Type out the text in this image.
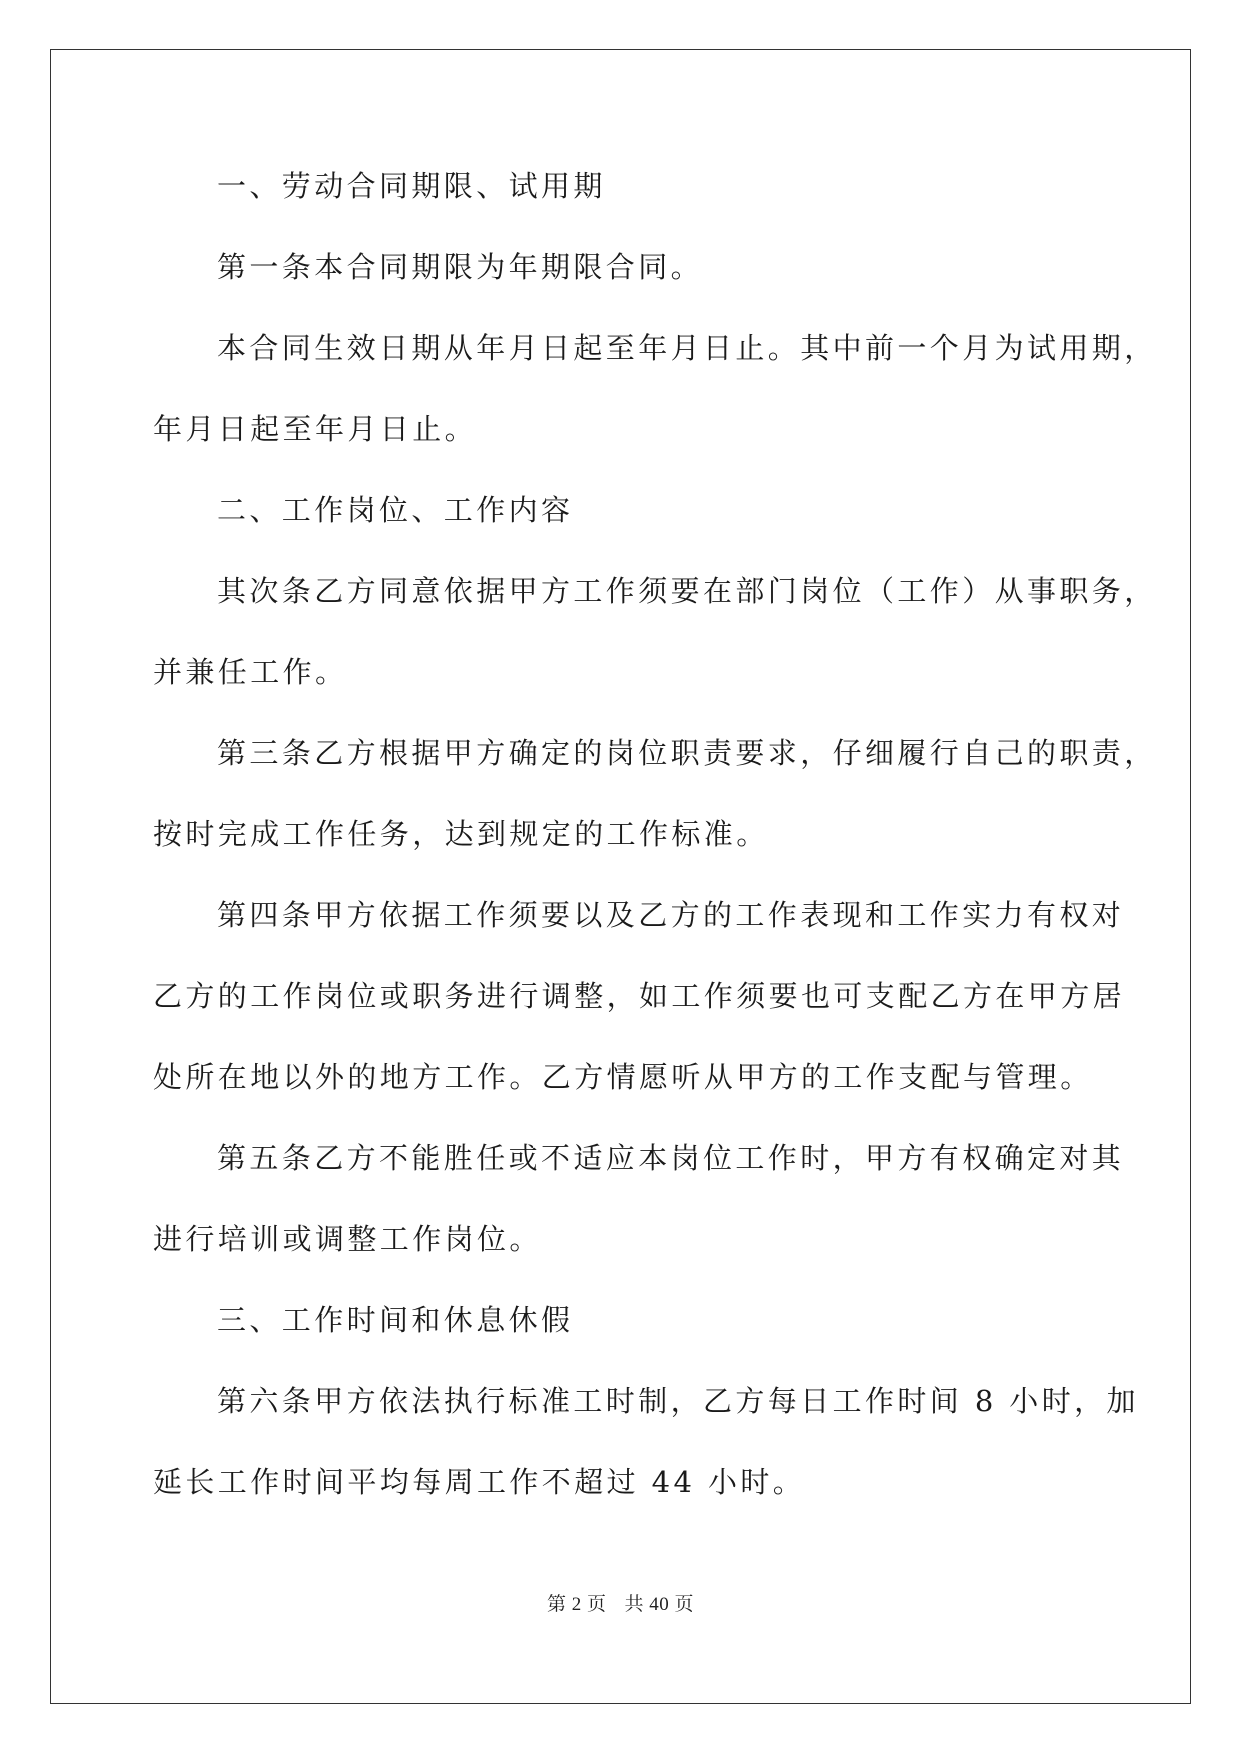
一、劳动合同期限、试用期
第一条本合同期限为年期限合同。
本合同生效日期从年月日起至年月日止。其中前一个月为试用期，
年月日起至年月日止。
二、工作岗位、工作内容
其次条乙方同意依据甲方工作须要在部门岗位（工作）从事职务，
并兼任工作。
第三条乙方根据甲方确定的岗位职责要求，仔细履行自己的职责，
按时完成工作任务，达到规定的工作标准。
第四条甲方依据工作须要以及乙方的工作表现和工作实力有权对
乙方的工作岗位或职务进行调整，如工作须要也可支配乙方在甲方居
处所在地以外的地方工作。乙方情愿听从甲方的工作支配与管理。
第五条乙方不能胜任或不适应本岗位工作时，甲方有权确定对其
进行培训或调整工作岗位。
三、工作时间和休息休假
第六条甲方依法执行标准工时制，乙方每日工作时间 8 小时，加
延长工作时间平均每周工作不超过 44 小时。
第 2 页 共 40 页
